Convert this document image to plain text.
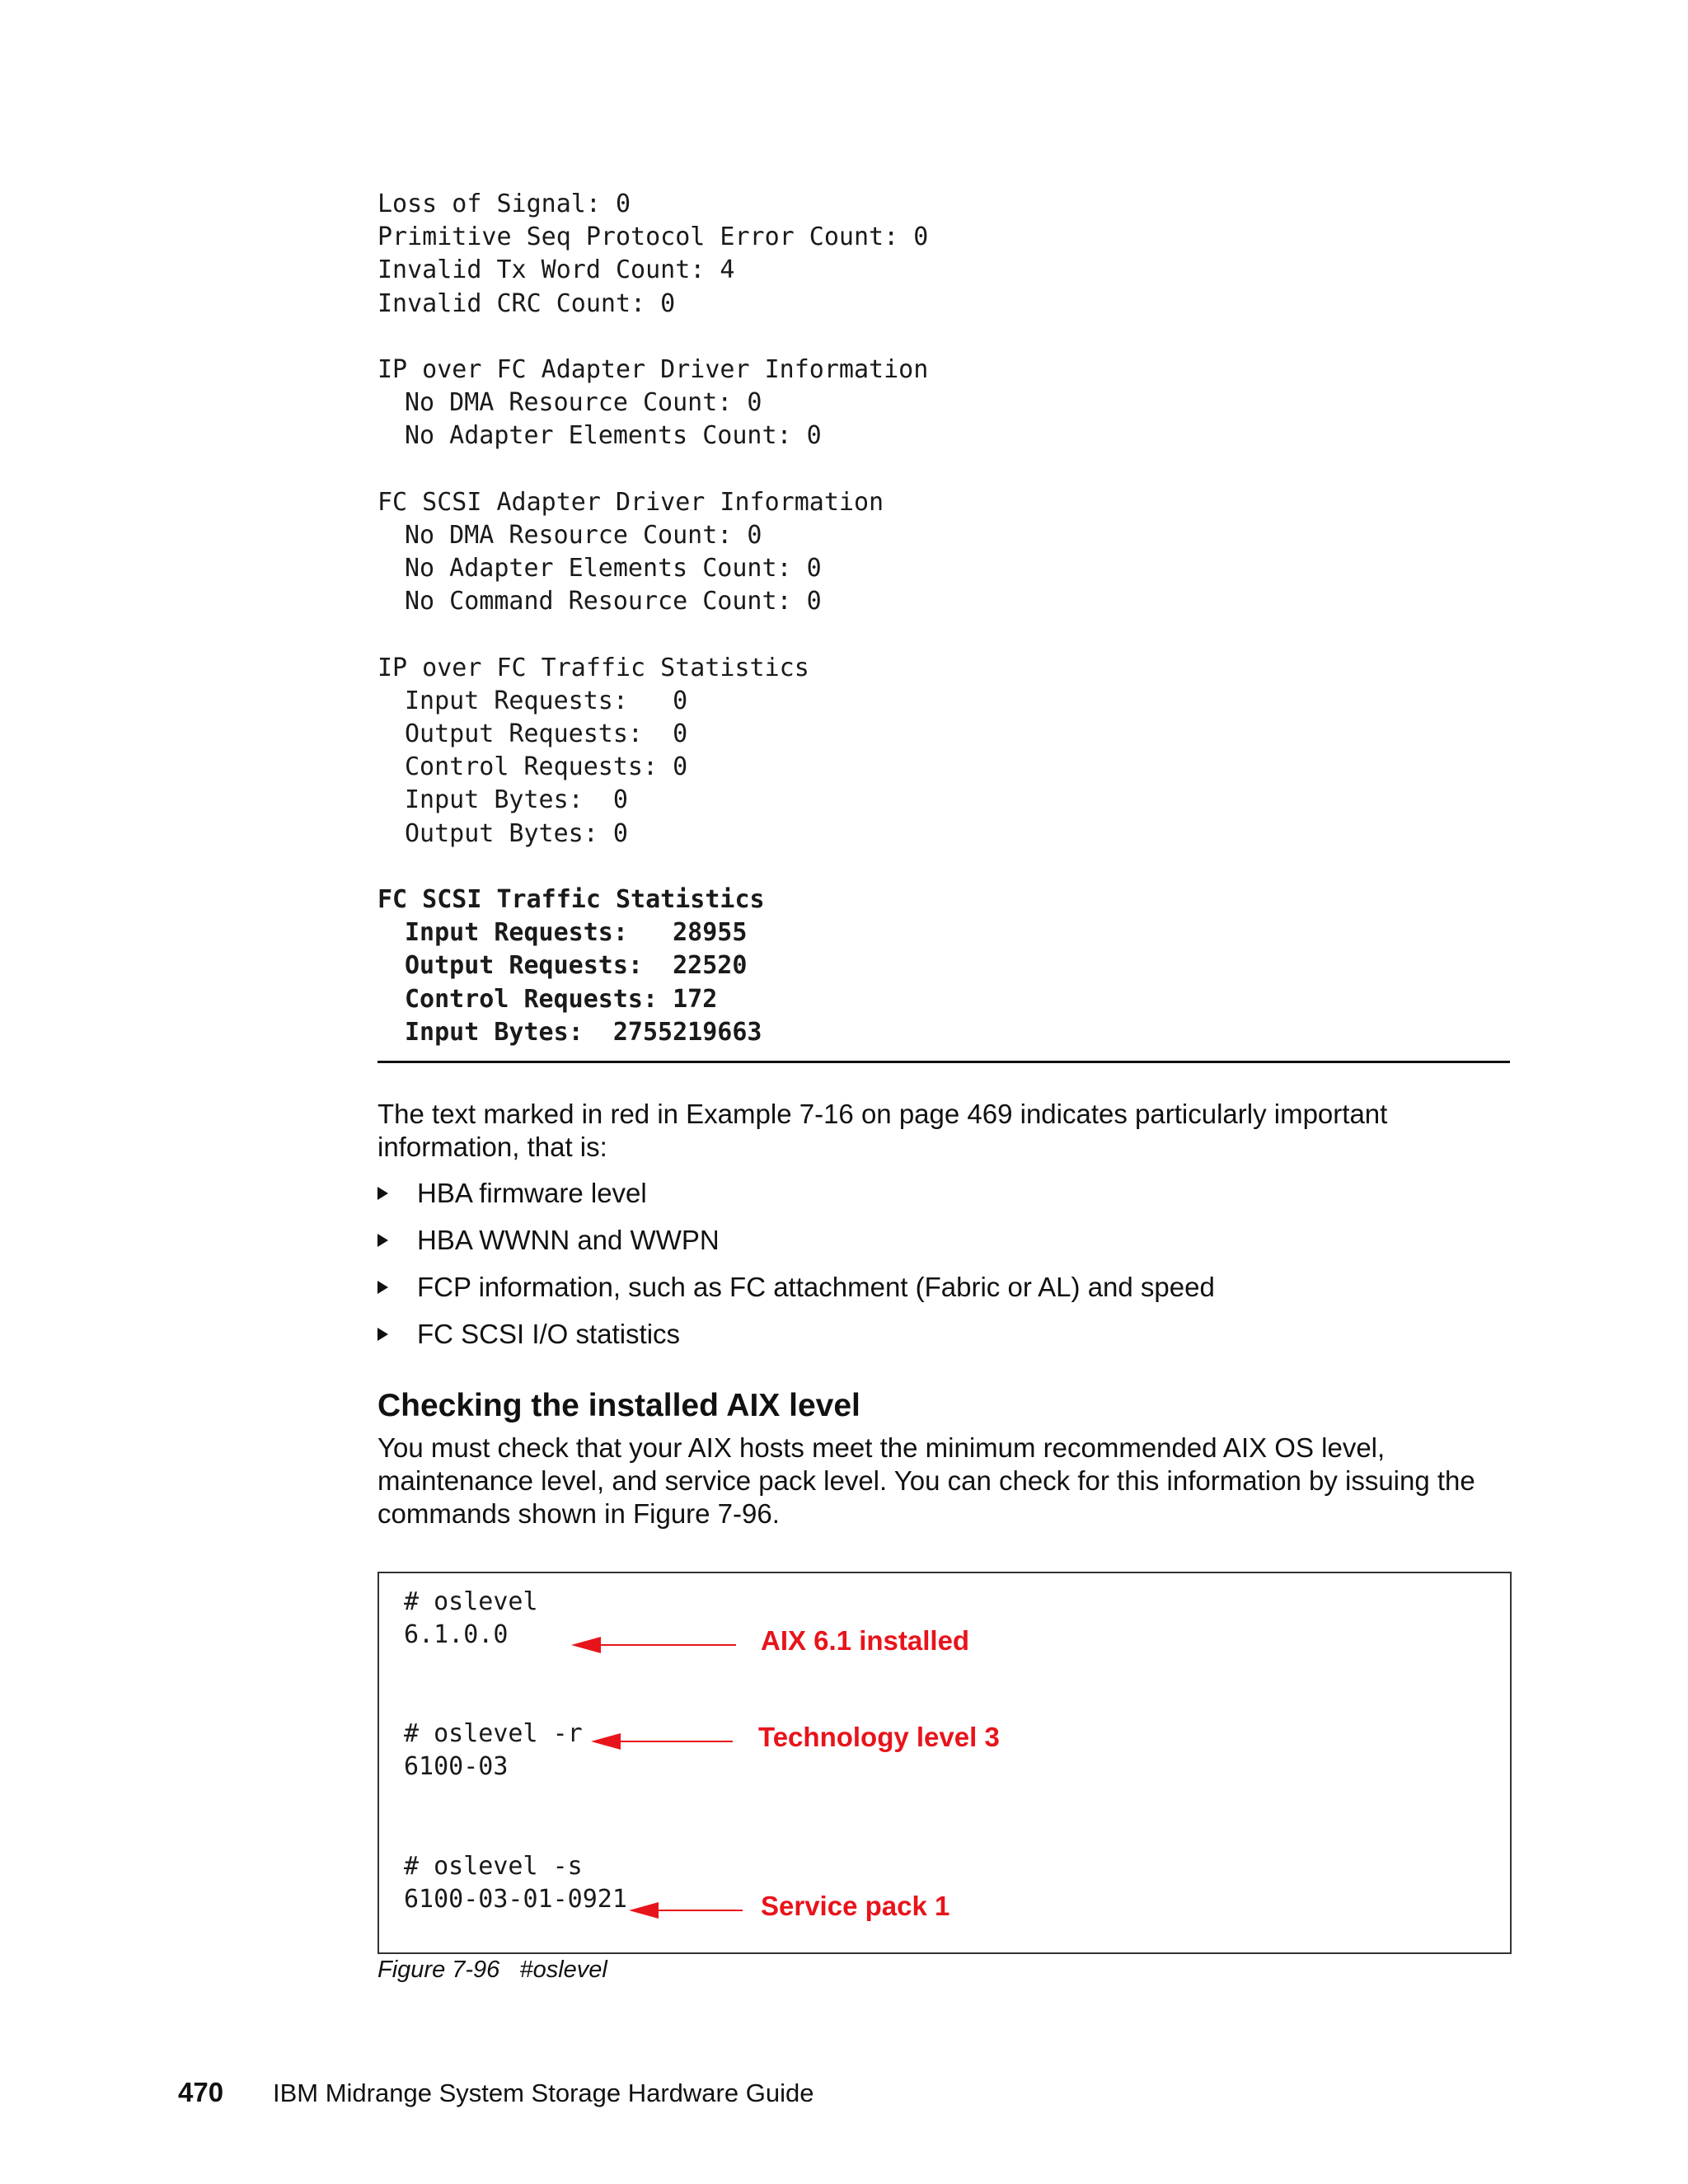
Loss of Signal: 0
Primitive Seq Protocol Error Count: 0
Invalid Tx Word Count: 4
Invalid CRC Count: 0
IP over FC Adapter Driver Information
No DMA Resource Count: 0
No Adapter Elements Count: 0
FC SCSI Adapter Driver Information
No DMA Resource Count: 0
No Adapter Elements Count: 0
No Command Resource Count: 0
IP over FC Traffic Statistics
Input Requests:   0
Output Requests:  0
Control Requests: 0
Input Bytes:  0
Output Bytes: 0
FC SCSI Traffic Statistics
Input Requests:   28955
Output Requests:  22520
Control Requests: 172
Input Bytes:  2755219663
The text marked in red in Example 7-16 on page 469 indicates particularly important information, that is:
HBA firmware level
HBA WWNN and WWPN
FCP information, such as FC attachment (Fabric or AL) and speed
FC SCSI I/O statistics
Checking the installed AIX level
You must check that your AIX hosts meet the minimum recommended AIX OS level, maintenance level, and service pack level. You can check for this information by issuing the commands shown in Figure 7-96.
# oslevel
6.1.0.0
# oslevel -r
6100-03
# oslevel -s
6100-03-01-0921
AIX 6.1 installed
Technology level 3
Service pack 1
Figure 7-96   #oslevel
470 IBM Midrange System Storage Hardware Guide
